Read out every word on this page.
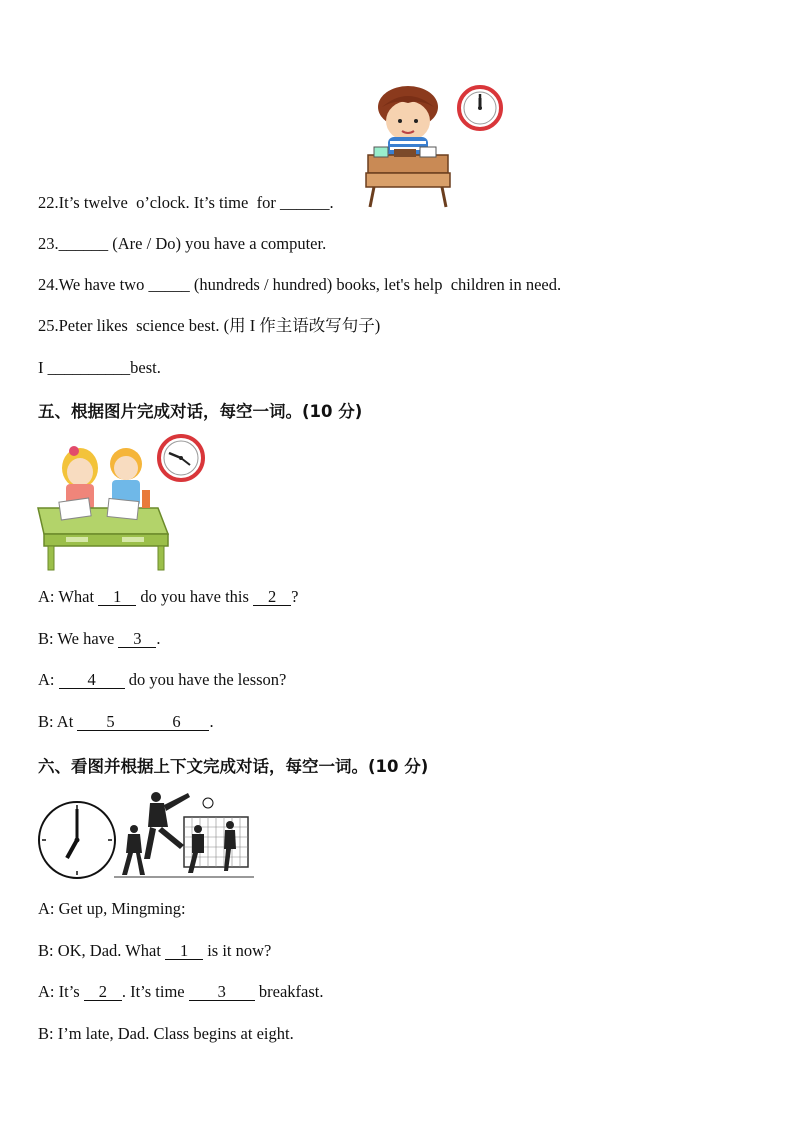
22.It’s twelve  o’clock. It’s time  for ______.
23.______ (Are / Do) you have a computer.
24.We have two _____ (hundreds / hundred) books, let's help  children in need.
25.Peter likes  science best. (用 I 作主语改写句子)
I __________best.
五、根据图片完成对话，每空一词。(10 分)
A: What 1 do you have this 2 ?
B: We have 3 .
A: 4 do you have the lesson?
B: At 5	6 .
六、看图并根据上下文完成对话，每空一词。(10 分)
A: Get up, Mingming:
B: OK, Dad. What 1 is it now?
A: It’s 2 . It’s time 3 breakfast.
B: I’m late, Dad. Class begins at eight.
